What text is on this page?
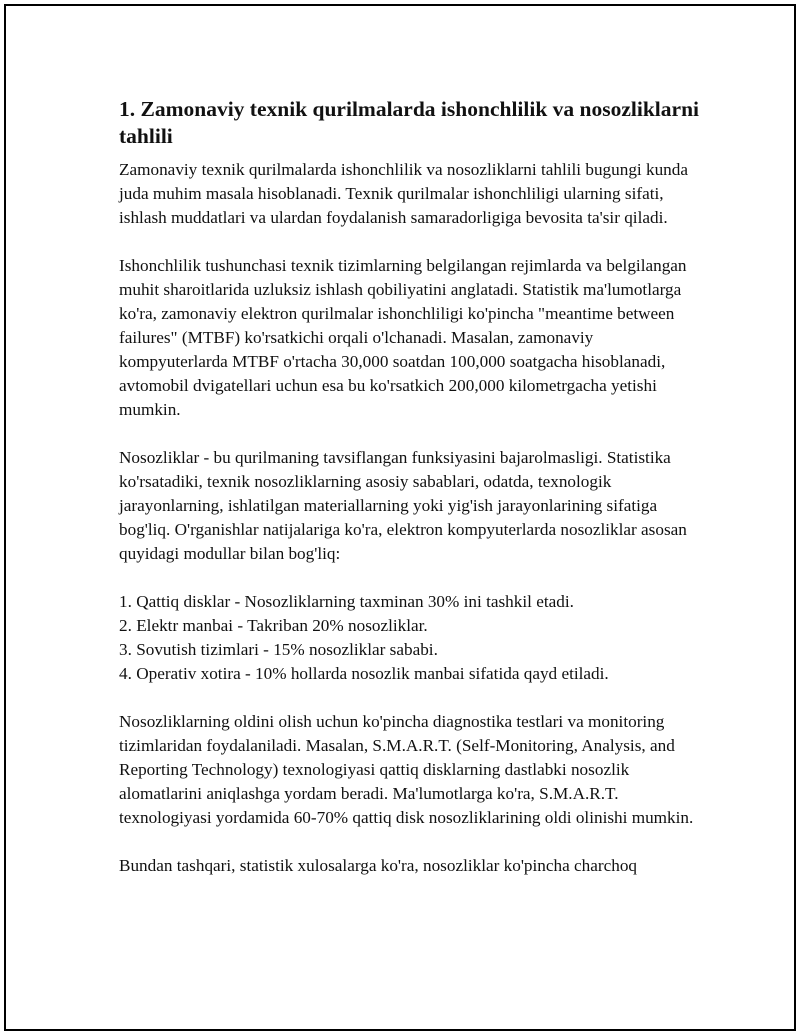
1. Zamonaviy texnik qurilmalarda ishonchlilik va nosozliklarni tahlili

Zamonaviy texnik qurilmalarda ishonchlilik va nosozliklarni tahlili bugungi kunda juda muhim masala hisoblanadi. Texnik qurilmalar ishonchliligi ularning sifati, ishlash muddatlari va ulardan foydalanish samaradorligiga bevosita ta'sir qiladi.

Ishonchlilik tushunchasi texnik tizimlarning belgilangan rejimlarda va belgilangan muhit sharoitlarida uzluksiz ishlash qobiliyatini anglatadi. Statistik ma'lumotlarga ko'ra, zamonaviy elektron qurilmalar ishonchliligi ko'pincha "meantime between failures" (MTBF) ko'rsatkichi orqali o'lchanadi. Masalan, zamonaviy kompyuterlarda MTBF o'rtacha 30,000 soatdan 100,000 soatgacha hisoblanadi, avtomobil dvigatellari uchun esa bu ko'rsatkich 200,000 kilometrgacha yetishi mumkin.

Nosozliklar - bu qurilmaning tavsiflangan funksiyasini bajarolmasligi. Statistika ko'rsatadiki, texnik nosozliklarning asosiy sabablari, odatda, texnologik jarayonlarning, ishlatilgan materiallarning yoki yig'ish jarayonlarining sifatiga bog'liq. O'rganishlar natijalariga ko'ra, elektron kompyuterlarda nosozliklar asosan quyidagi modullar bilan bog'liq:

1. Qattiq disklar - Nosozliklarning taxminan 30% ini tashkil etadi.
2. Elektr manbai - Takriban 20% nosozliklar.
3. Sovutish tizimlari - 15% nosozliklar sababi.
4. Operativ xotira - 10% hollarda nosozlik manbai sifatida qayd etiladi.

Nosozliklarning oldini olish uchun ko'pincha diagnostika testlari va monitoring tizimlaridan foydalaniladi. Masalan, S.M.A.R.T. (Self-Monitoring, Analysis, and Reporting Technology) texnologiyasi qattiq disklarning dastlabki nosozlik alomatlarini aniqlashga yordam beradi. Ma'lumotlarga ko'ra, S.M.A.R.T. texnologiyasi yordamida 60-70% qattiq disk nosozliklarining oldi olinishi mumkin.

Bundan tashqari, statistik xulosalarga ko'ra, nosozliklar ko'pincha charchoq
